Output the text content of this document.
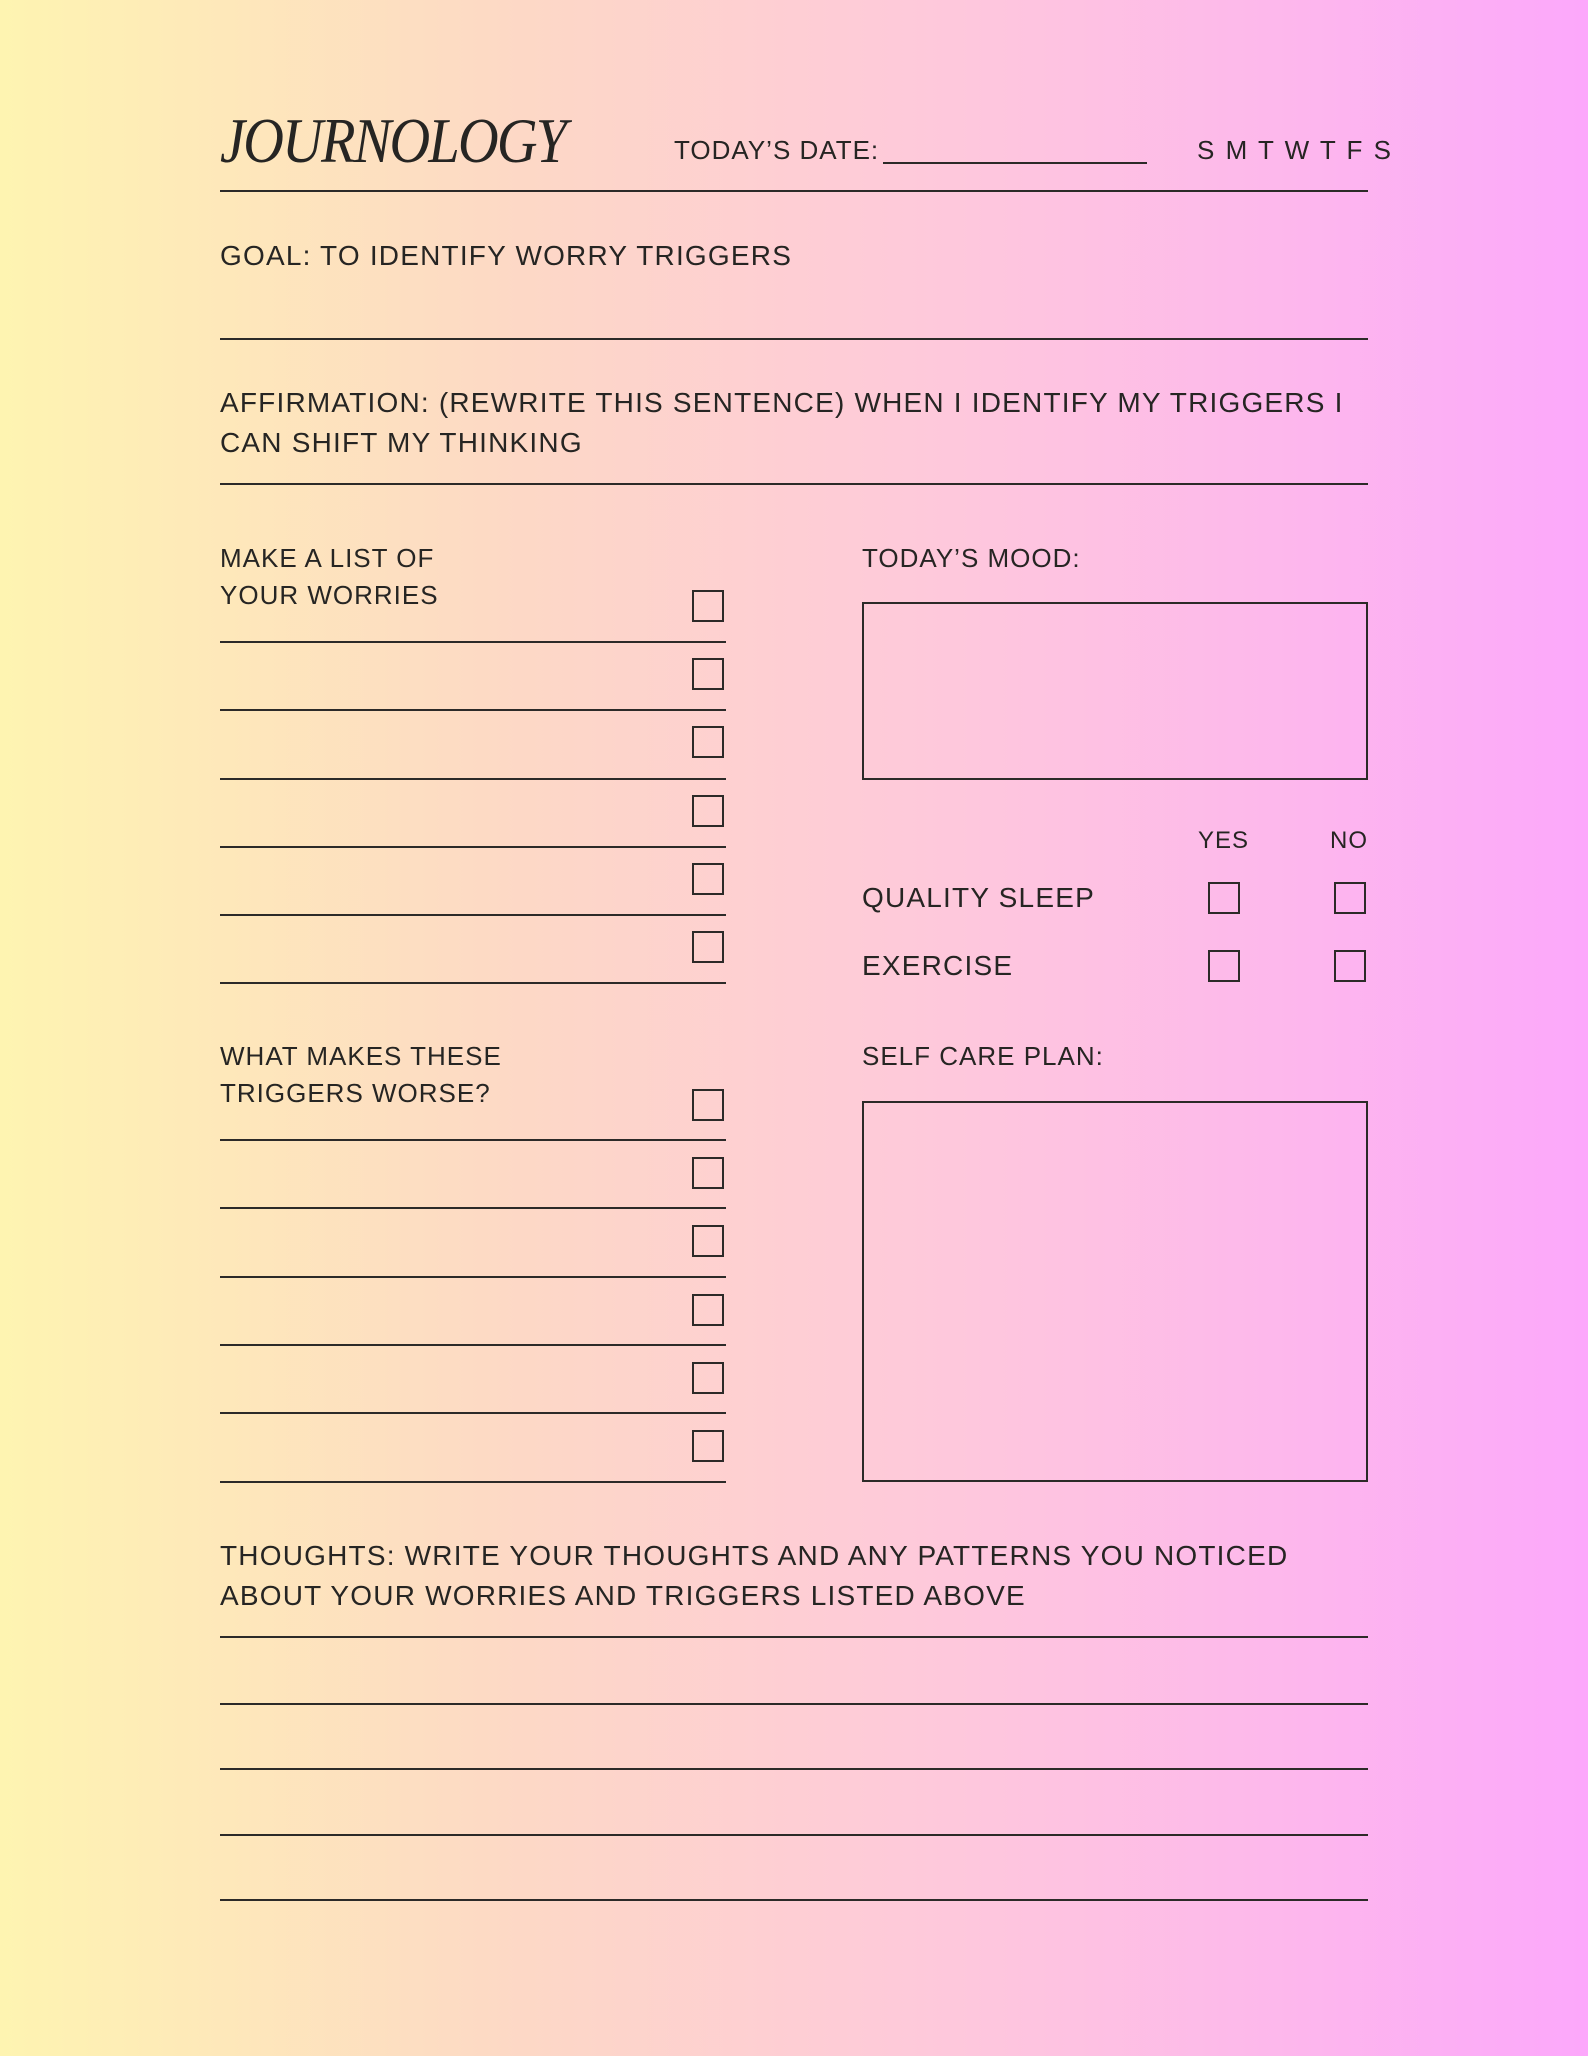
JOURNOLOGY	TODAY’S DATE:	S M T W T F S
GOAL: TO IDENTIFY WORRY TRIGGERS
AFFIRMATION: (REWRITE THIS SENTENCE) WHEN I IDENTIFY MY TRIGGERS I
CAN SHIFT MY THINKING
MAKE A LIST OF
YOUR WORRIES
TODAY’S MOOD:
YES	NO
QUALITY SLEEP
EXERCISE
WHAT MAKES THESE
TRIGGERS WORSE?
SELF CARE PLAN:
THOUGHTS: WRITE YOUR THOUGHTS AND ANY PATTERNS YOU NOTICED
ABOUT YOUR WORRIES AND TRIGGERS LISTED ABOVE
